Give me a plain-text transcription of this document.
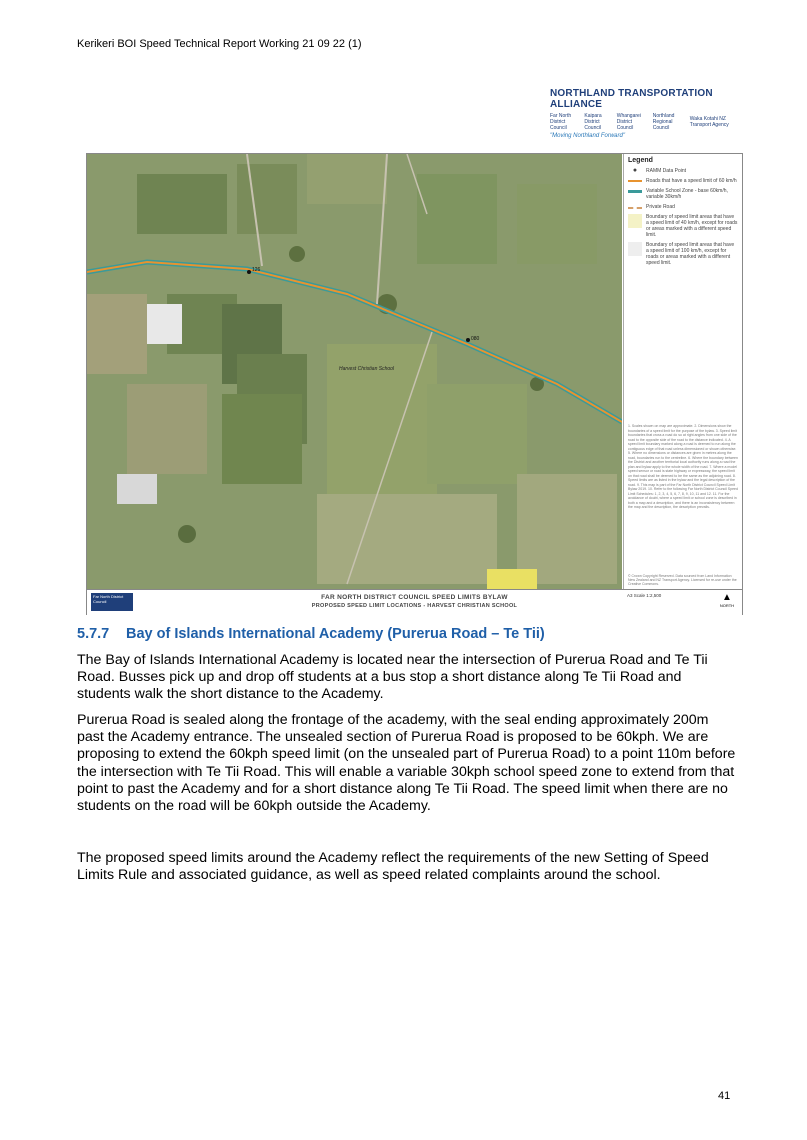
Kerikeri BOI Speed Technical Report Working 21 09 22 (1)
NORTHLAND TRANSPORTATION ALLIANCE
Far North District Council
Kaipara District Council
Whangarei District Council
Northland Regional Council
Waka Kotahi NZ Transport Agency
"Moving Northland Forward"
126
080
Harvest Christian School
Legend
●	RAMM Data Point
Roads that have a speed limit of 60 km/h
Variable School Zone - base 60km/h, variable 30km/h
Private Road
Boundary of speed limit areas that have a speed limit of 40 km/h, except for roads or areas marked with a different speed limit.
Boundary of speed limit areas that have a speed limit of 100 km/h, except for roads or areas marked with a different speed limit.
1. Scales shown on map are approximate. 2. Dimensions show the boundaries of a speed limit for the purpose of the bylaw. 3. Speed limit boundaries that cross a road do so at right angles from one side of the road to the opposite side of the road to the distance indicated. 4. A speed limit boundary marked along a road is deemed to run along the contiguous edge of that road unless dimensioned or shown otherwise. 5. Where no dimensions or distances are given in metres along the road, boundaries run to the centreline. 6. Where the boundary between the District and another territorial local authority runs along a road the plan and bylaw apply to the whole width of the road. 7. Where a model speed sensor or road is state highway or expressway, the speed limit on that road shall be deemed to be the same as the adjoining road. 8. Speed limits are as listed in the bylaw and the legal description of the road. 9. This map is part of the Far North District Council Speed Limit Bylaw 2019. 10. Refer to the following Far North District Council Speed Limit Schedules: 1, 2, 3, 4, 5, 6, 7, 8, 9, 10, 11 and 12. 11. For the avoidance of doubt, where a speed limit or school zone is described in both a map and a description, and there is an inconsistency between the map and the description, the description prevails.
© Crown Copyright Reserved. Data sourced from Land Information New Zealand and NZ Transport Agency. Licensed for re-use under the Creative Commons.
Far North District Council
FAR NORTH DISTRICT COUNCIL SPEED LIMITS BYLAW
PROPOSED SPEED LIMIT LOCATIONS - HARVEST CHRISTIAN SCHOOL
A3 Scale 1:2,500	▲
NORTH
5.7.7 Bay of Islands International Academy (Purerua Road – Te Tii)

The Bay of Islands International Academy is located near the intersection of Purerua Road and Te Tii Road. Busses pick up and drop off students at a bus stop a short distance along Te Tii Road and students walk the short distance to the Academy.

Purerua Road is sealed along the frontage of the academy, with the seal ending approximately 200m past the Academy entrance. The unsealed section of Purerua Road is proposed to be 60kph. We are proposing to extend the 60kph speed limit (on the unsealed part of Purerua Road) to a point 110m before the intersection with Te Tii Road. This will enable a variable 30kph school speed zone to extend from that point to past the Academy and for a short distance along Te Tii Road. The speed limit when there are no students on the road will be 60kph outside the Academy.

The proposed speed limits around the Academy reflect the requirements of the new Setting of Speed Limits Rule and associated guidance, as well as speed related complaints around the school.

41
